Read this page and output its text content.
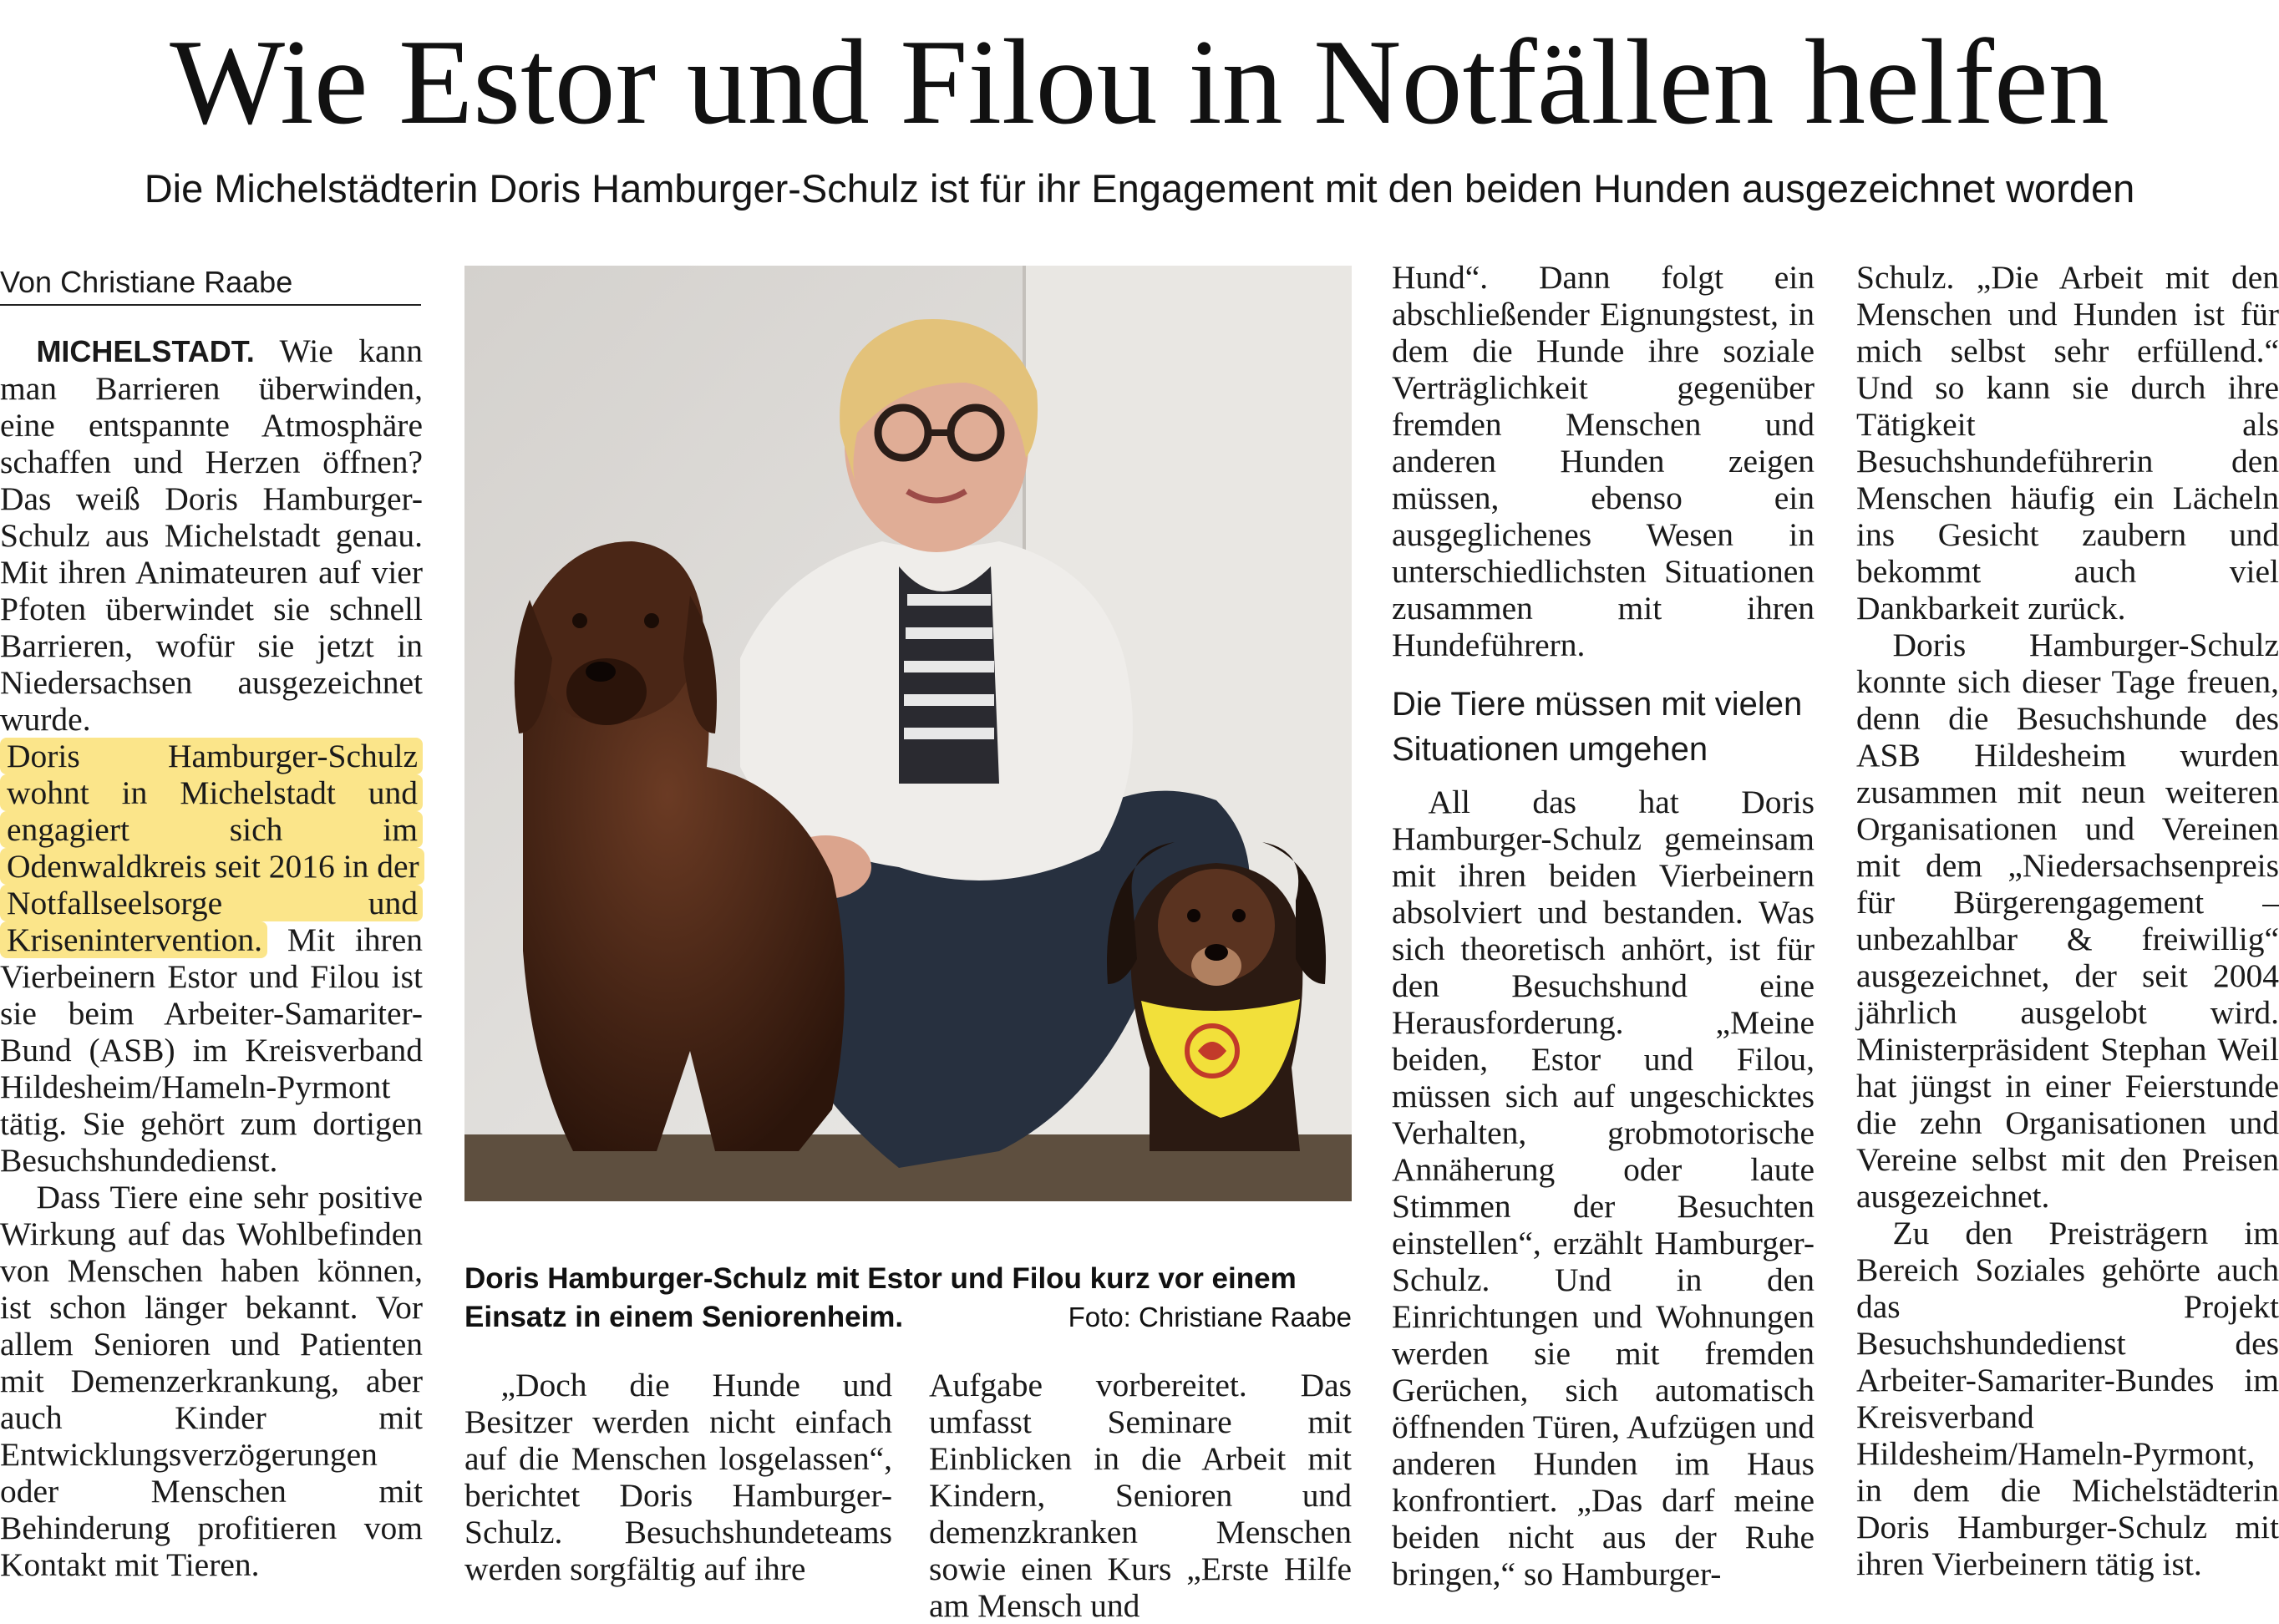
Wie Estor und Filou in Notfällen helfen
Die Michelstädterin Doris Hamburger-Schulz ist für ihr Engagement mit den beiden Hunden ausgezeichnet worden
Von Christiane Raabe

MICHELSTADT. Wie kann man Barrieren überwinden, eine entspannte Atmosphäre schaffen und Herzen öffnen? Das weiß Doris Hamburger-Schulz aus Michelstadt genau. Mit ihren Animateuren auf vier Pfoten überwindet sie schnell Barrieren, wofür sie jetzt in Niedersachsen ausgezeichnet wurde.

Doris Hamburger-Schulz wohnt in Michelstadt und engagiert sich im Odenwaldkreis seit 2016 in der Notfallseelsorge und Krisenintervention. Mit ihren Vierbeinern Estor und Filou ist sie beim Arbeiter-Samariter-Bund (ASB) im Kreisverband Hildesheim/Hameln-Pyrmont tätig. Sie gehört zum dortigen Besuchshundedienst.

Dass Tiere eine sehr positive Wirkung auf das Wohlbefinden von Menschen haben können, ist schon länger bekannt. Vor allem Senioren und Patienten mit Demenzerkrankung, aber auch Kinder mit Entwicklungsverzögerungen oder Menschen mit Behinderung profitieren vom Kontakt mit Tieren.

Doris Hamburger-Schulz mit Estor und Filou kurz vor einem Einsatz in einem Seniorenheim.	Foto: Christiane Raabe

„Doch die Hunde und Besitzer werden nicht einfach auf die Menschen losgelassen“, berichtet Doris Hamburger-Schulz. Besuchshundeteams werden sorgfältig auf ihre

Aufgabe vorbereitet. Das umfasst Seminare mit Einblicken in die Arbeit mit Kindern, Senioren und demenzkranken Menschen sowie einen Kurs „Erste Hilfe am Mensch und

Hund“. Dann folgt ein abschließender Eignungstest, in dem die Hunde ihre soziale Verträglichkeit gegenüber fremden Menschen und anderen Hunden zeigen müssen, ebenso ein ausgeglichenes Wesen in unterschiedlichsten Situationen zusammen mit ihren Hundeführern.

Die Tiere müssen mit vielen Situationen umgehen

All das hat Doris Hamburger-Schulz gemeinsam mit ihren beiden Vierbeinern absolviert und bestanden. Was sich theoretisch anhört, ist für den Besuchshund eine Herausforderung. „Meine beiden, Estor und Filou, müssen sich auf ungeschicktes Verhalten, grobmotorische Annäherung oder laute Stimmen der Besuchten einstellen“, erzählt Hamburger-Schulz. Und in den Einrichtungen und Wohnungen werden sie mit fremden Gerüchen, sich automatisch öffnenden Türen, Aufzügen und anderen Hunden im Haus konfrontiert. „Das darf meine beiden nicht aus der Ruhe bringen,“ so Hamburger-

Schulz. „Die Arbeit mit den Menschen und Hunden ist für mich selbst sehr erfüllend.“ Und so kann sie durch ihre Tätigkeit als Besuchshundeführerin den Menschen häufig ein Lächeln ins Gesicht zaubern und bekommt auch viel Dankbarkeit zurück.

Doris Hamburger-Schulz konnte sich dieser Tage freuen, denn die Besuchshunde des ASB Hildesheim wurden zusammen mit neun weiteren Organisationen und Vereinen mit dem „Niedersachsenpreis für Bürgerengagement – unbezahlbar & freiwillig“ ausgezeichnet, der seit 2004 jährlich ausgelobt wird. Ministerpräsident Stephan Weil hat jüngst in einer Feierstunde die zehn Organisationen und Vereine selbst mit den Preisen ausgezeichnet.

Zu den Preisträgern im Bereich Soziales gehörte auch das Projekt Besuchshundedienst des Arbeiter-Samariter-Bundes im Kreisverband Hildesheim/Hameln-Pyrmont, in dem die Michelstädterin Doris Hamburger-Schulz mit ihren Vierbeinern tätig ist.
